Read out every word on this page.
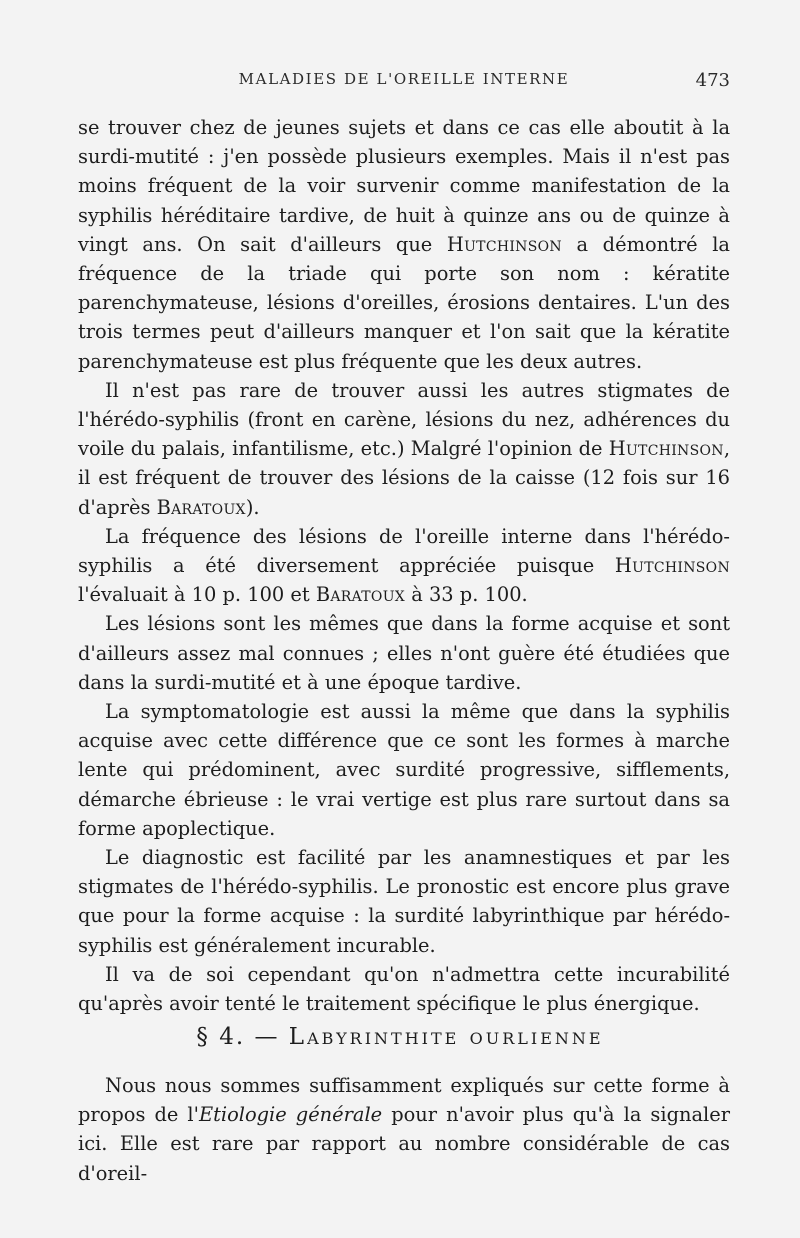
MALADIES DE L'OREILLE INTERNE	473

se trouver chez de jeunes sujets et dans ce cas elle aboutit à la surdi-mutité : j'en possède plusieurs exemples. Mais il n'est pas moins fréquent de la voir survenir comme manifestation de la syphilis héréditaire tardive, de huit à quinze ans ou de quinze à vingt ans. On sait d'ailleurs que Hutchinson a démontré la fréquence de la triade qui porte son nom : kératite parenchymateuse, lésions d'oreilles, érosions dentaires. L'un des trois termes peut d'ailleurs manquer et l'on sait que la kératite parenchymateuse est plus fréquente que les deux autres.

Il n'est pas rare de trouver aussi les autres stigmates de l'hérédo-syphilis (front en carène, lésions du nez, adhérences du voile du palais, infantilisme, etc.) Malgré l'opinion de Hutchinson, il est fréquent de trouver des lésions de la caisse (12 fois sur 16 d'après Baratoux).

La fréquence des lésions de l'oreille interne dans l'hérédo-syphilis a été diversement appréciée puisque Hutchinson l'évaluait à 10 p. 100 et Baratoux à 33 p. 100.

Les lésions sont les mêmes que dans la forme acquise et sont d'ailleurs assez mal connues ; elles n'ont guère été étudiées que dans la surdi-mutité et à une époque tardive.

La symptomatologie est aussi la même que dans la syphilis acquise avec cette différence que ce sont les formes à marche lente qui prédominent, avec surdité progressive, sifflements, démarche ébrieuse : le vrai vertige est plus rare surtout dans sa forme apoplectique.

Le diagnostic est facilité par les anamnestiques et par les stigmates de l'hérédo-syphilis. Le pronostic est encore plus grave que pour la forme acquise : la surdité labyrinthique par hérédo-syphilis est généralement incurable.

Il va de soi cependant qu'on n'admettra cette incurabilité qu'après avoir tenté le traitement spécifique le plus énergique.

§ 4. — Labyrinthite ourlienne

Nous nous sommes suffisamment expliqués sur cette forme à propos de l'Etiologie générale pour n'avoir plus qu'à la signaler ici. Elle est rare par rapport au nombre considérable de cas d'oreil-
